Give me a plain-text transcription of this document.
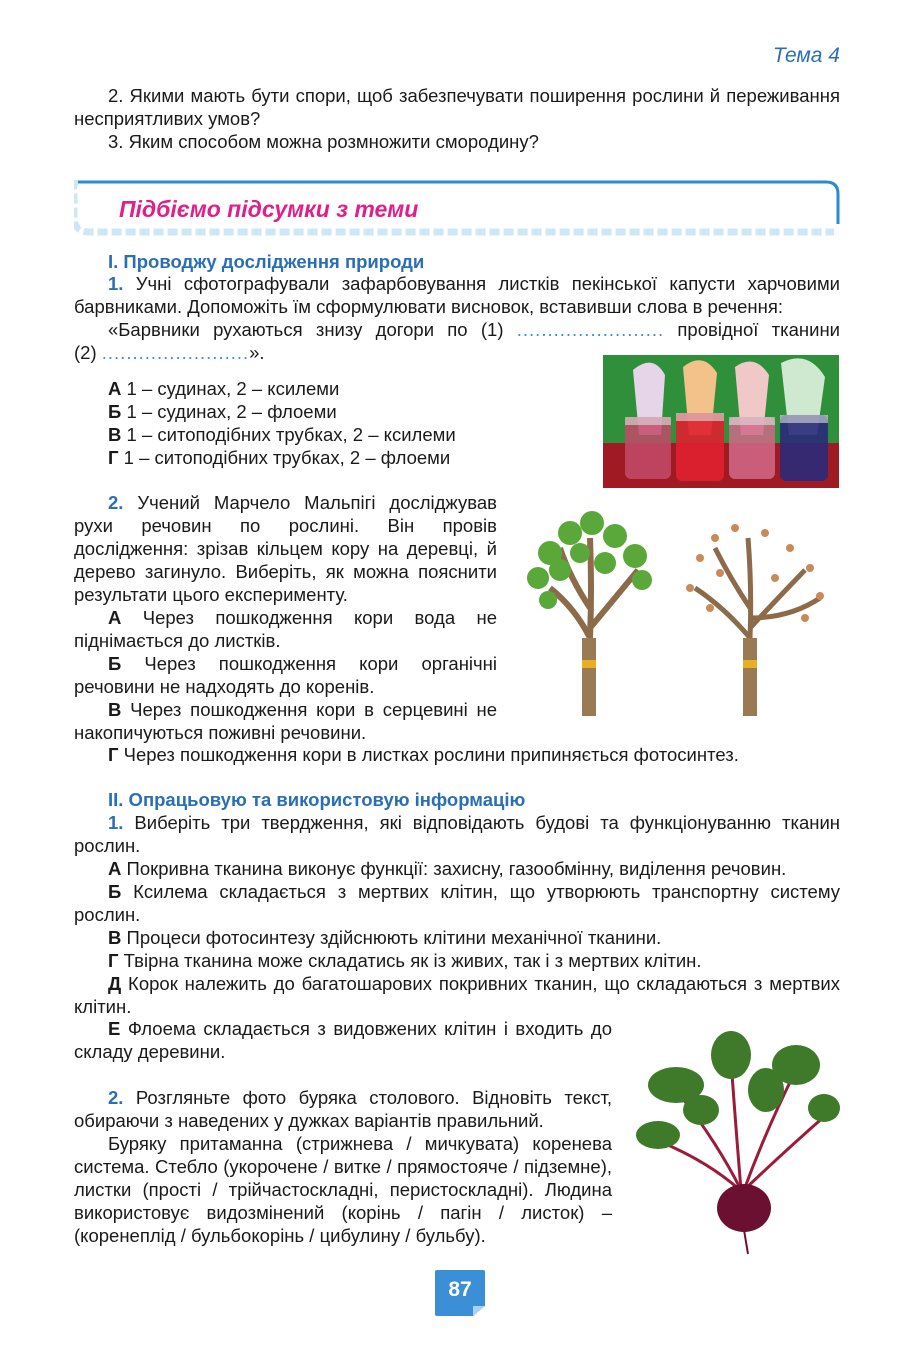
Тема 4

2. Якими мають бути спори, щоб забезпечувати поширення рослини й переживання несприятливих умов?

3. Яким способом можна розмножити смородину?

Підбіємо підсумки з теми
І. Проводжу дослідження природи

1. Учні сфотографували зафарбовування листків пекінської капусти харчовими барвниками. Допоможіть їм сформулювати висновок, вставивши слова в речення:

«Барвники рухаються знизу догори по (1) ........................ провідної тканини

(2) ........................».

А 1 – судинах, 2 – ксилеми

Б 1 – судинах, 2 – флоеми

В 1 – ситоподібних трубках, 2 – ксилеми

Г 1 – ситоподібних трубках, 2 – флоеми

2. Учений Марчело Мальпігі досліджував рухи речовин по рослині. Він провів дослідження: зрізав кільцем кору на деревці, й дерево загинуло. Виберіть, як можна пояснити результати цього експерименту.

А Через пошкодження кори вода не піднімається до листків.

Б Через пошкодження кори органічні речовини не надходять до коренів.

В Через пошкодження кори в серцевині не накопичуються поживні речовини.

Г Через пошкодження кори в листках рослини припиняється фотосинтез.
ІІ. Опрацьовую та використовую інформацію

1. Виберіть три твердження, які відповідають будові та функціонуванню тканин рослин.

А Покривна тканина виконує функції: захисну, газообмінну, виділення речовин.

Б Ксилема складається з мертвих клітин, що утворюють транспортну систему рослин.

В Процеси фотосинтезу здійснюють клітини механічної тканини.

Г Твірна тканина може складатись як із живих, так і з мертвих клітин.

Д Корок належить до багатошарових покривних тканин, що складаються з мертвих клітин.

Е Флоема складається з видовжених клітин і входить до складу деревини.

2. Розгляньте фото буряка столового. Відновіть текст, обираючи з наведених у дужках варіантів правильний.

Буряку притаманна (стрижнева / мичкувата) коренева система. Стебло (укорочене / витке / прямостояче / підземне), листки (прості / трійчастоскладні, перистоскладні). Людина використовує видозмінений (корінь / пагін / листок) – (коренеплід / бульбокорінь / цибулину / бульбу).

87
